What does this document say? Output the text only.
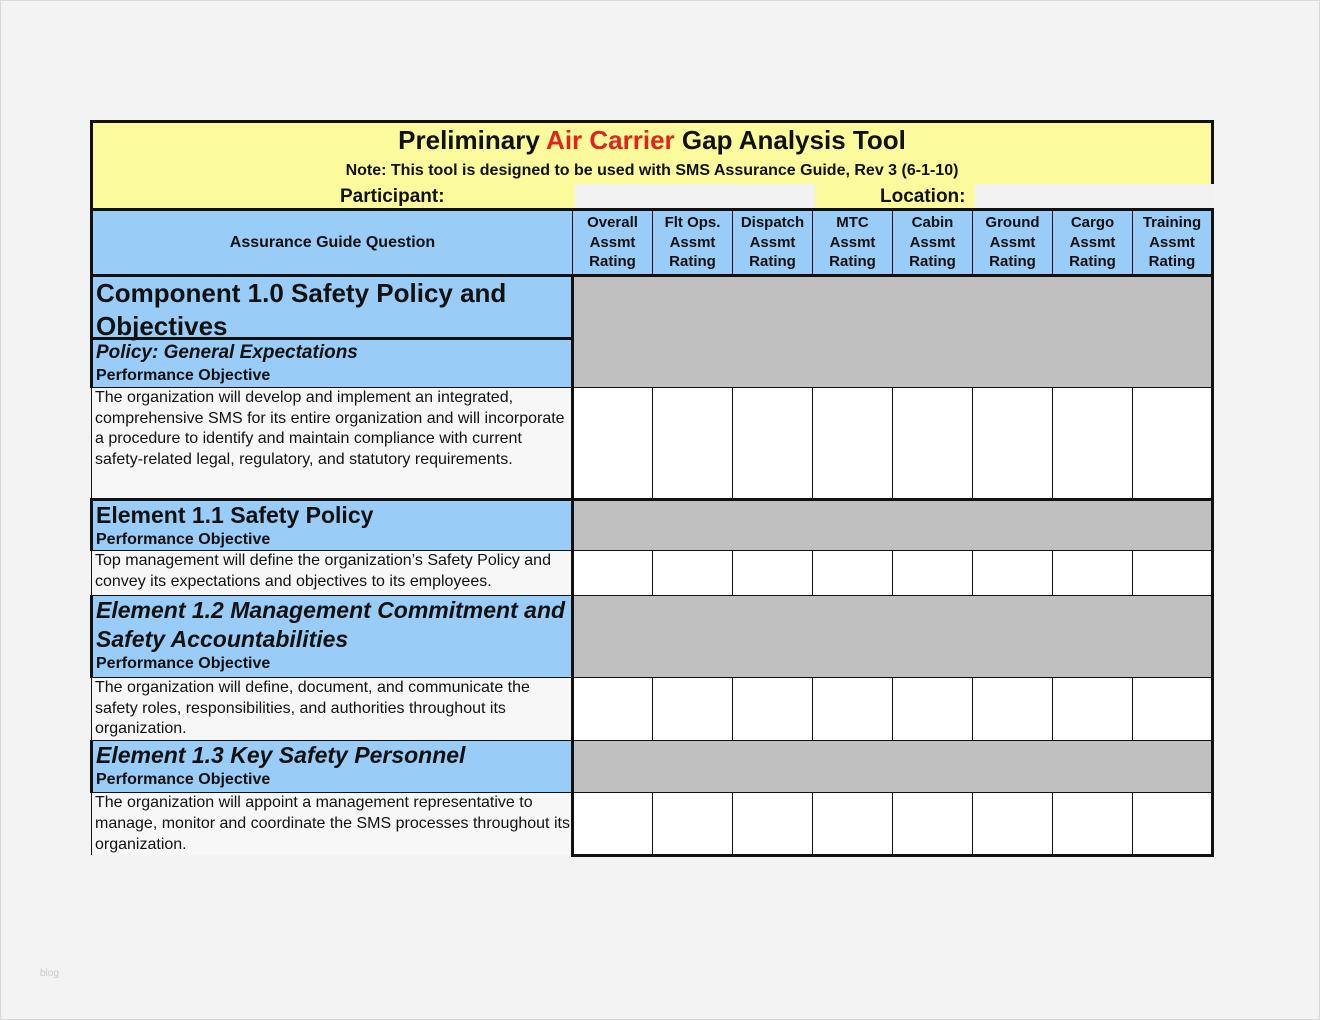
blog
Preliminary Air Carrier Gap Analysis Tool
Note: This tool is designed to be used with SMS Assurance Guide, Rev 3 (6-1-10)
Participant:	Location:
Assurance Guide Question	Overall
Assmt
Rating	Flt Ops.
Assmt
Rating	Dispatch
Assmt
Rating	MTC
Assmt
Rating	Cabin
Assmt
Rating	Ground
Assmt
Rating	Cargo
Assmt
Rating	Training
Assmt
Rating

Component 1.0 Safety Policy and Objectives
Policy: General Expectations
Performance Objective								

The organization will develop and implement an integrated, comprehensive SMS for its entire organization and will incorporate a procedure to identify and maintain compliance with current safety-related legal, regulatory, and statutory requirements.								

Element 1.1 Safety Policy
Performance Objective								

Top management will define the organization’s Safety Policy and convey its expectations and objectives to its employees.								

Element 1.2 Management Commitment and Safety Accountabilities
Performance Objective								

The organization will define, document, and communicate the safety roles, responsibilities, and authorities throughout its organization.								

Element 1.3 Key Safety Personnel
Performance Objective								

The organization will appoint a management representative to manage, monitor and coordinate the SMS processes throughout its organization.								
